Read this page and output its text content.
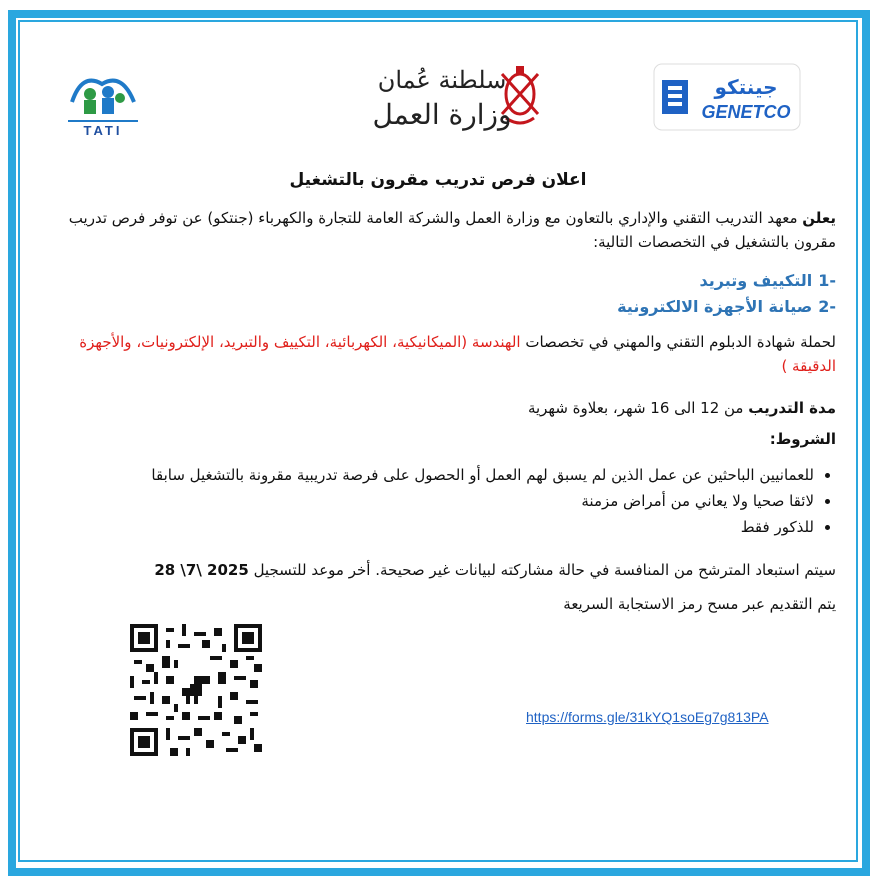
TATI
سلطنة عُمان
وزارة العمل
جينتكو
GENETCO
اعلان فرص تدريب مقرون بالتشغيل
يعلن معهد التدريب التقني والإداري بالتعاون مع وزارة العمل والشركة العامة للتجارة والكهرباء (جنتكو) عن توفر فرص تدريب مقرون بالتشغيل في التخصصات التالية:
-1التكييف وتبريد
-2صيانة الأجهزة الالكترونية
لحملة شهادة الدبلوم التقني والمهني في تخصصات الهندسة (الميكانيكية، الكهربائية، التكييف والتبريد، الإلكترونيات، والأجهزة الدقيقة )
مدة التدريب من 12 الى 16 شهر، بعلاوة شهرية
الشروط:
• للعمانيين الباحثين عن عمل الذين لم يسبق لهم العمل أو الحصول على فرصة تدريبية مقرونة بالتشغيل سابقا
• لائقا صحيا ولا يعاني من أمراض مزمنة
• للذكور فقط
سيتم استبعاد المترشح من المنافسة في حالة مشاركته لبيانات غير صحيحة. أخر موعد للتسجيل 28 \7\ 2025
يتم التقديم عبر مسح رمز الاستجابة السريعة
https://forms.gle/31kYQ1soEg7g813PA
